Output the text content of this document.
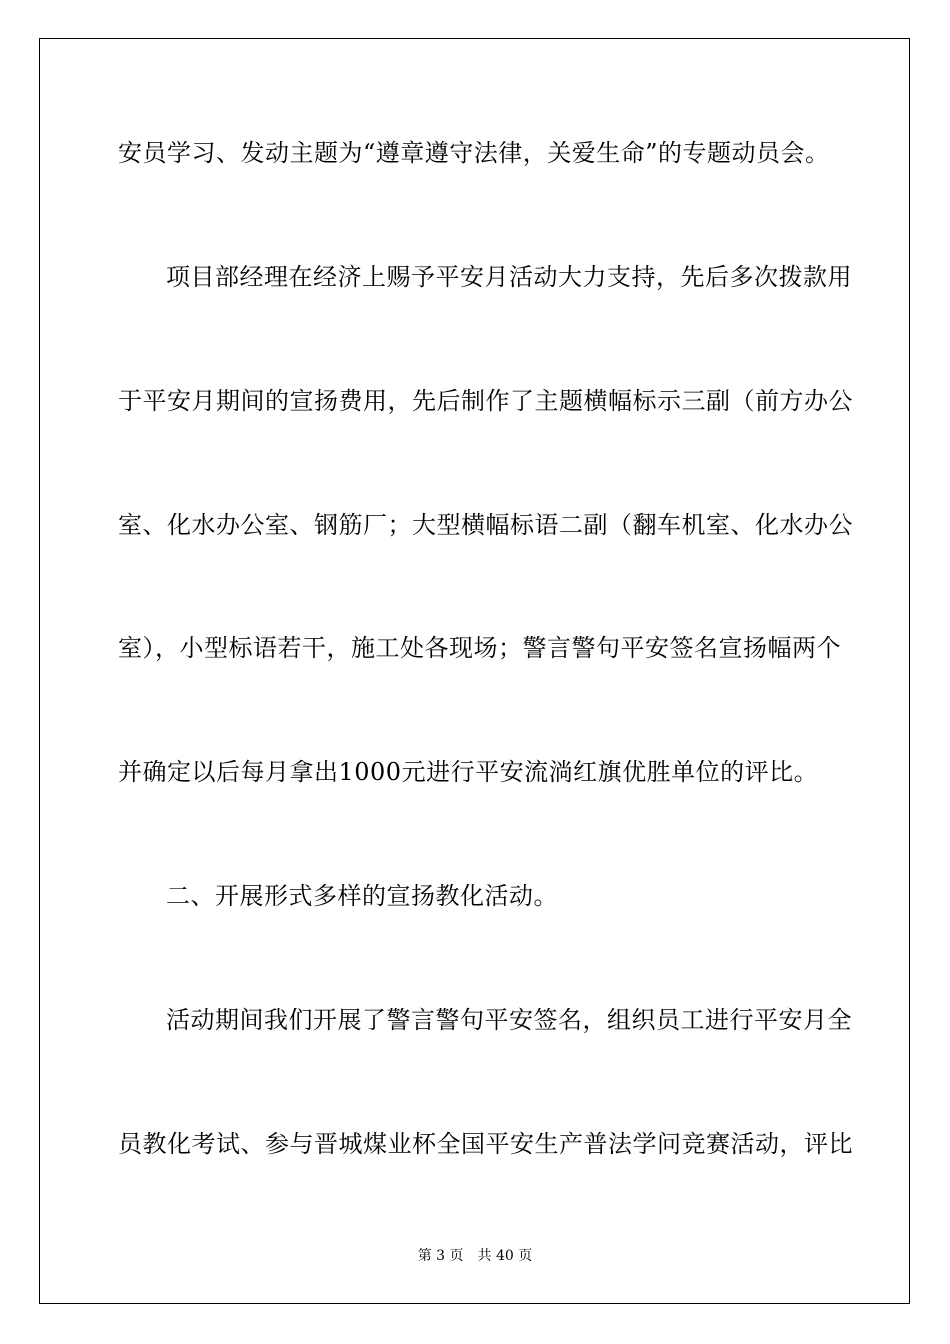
安员学习、发动主题为“遵章遵守法律，关爱生命”的专题动员会。
项目部经理在经济上赐予平安月活动大力支持，先后多次拨款用
于平安月期间的宣扬费用，先后制作了主题横幅标示三副（前方办公
室、化水办公室、钢筋厂；大型横幅标语二副（翻车机室、化水办公
室），小型标语若干，施工处各现场；警言警句平安签名宣扬幅两个
并确定以后每月拿出1000元进行平安流淌红旗优胜单位的评比。
二、开展形式多样的宣扬教化活动。
活动期间我们开展了警言警句平安签名，组织员工进行平安月全
员教化考试、参与晋城煤业杯全国平安生产普法学问竞赛活动，评比
第 3 页　共 40 页
